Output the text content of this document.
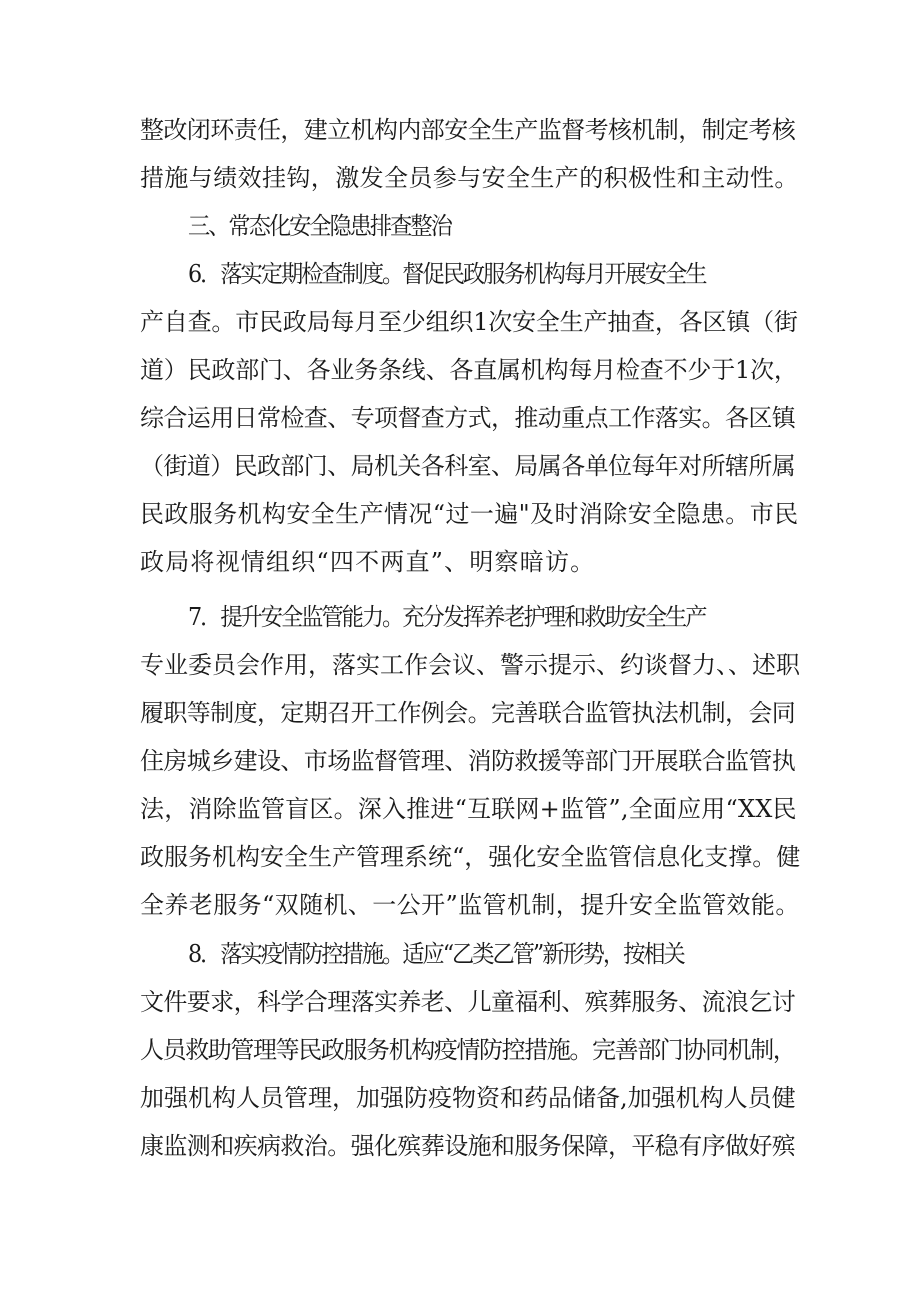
整改闭环责任，建立机构内部安全生产监督考核机制，制定考核
措施与绩效挂钩，激发全员参与安全生产的积极性和主动性。
三、常态化安全隐患排查整治
6．落实定期检查制度。督促民政服务机构每月开展安全生
产自查。市民政局每月至少组织1次安全生产抽查，各区镇（街
道）民政部门、各业务条线、各直属机构每月检查不少于1次，
综合运用日常检查、专项督查方式，推动重点工作落实。各区镇
（街道）民政部门、局机关各科室、局属各单位每年对所辖所属
民政服务机构安全生产情况“过一遍"及时消除安全隐患。市民
政局将视情组织“四不两直”、明察暗访。
7．提升安全监管能力。充分发挥养老护理和救助安全生产
专业委员会作用，落实工作会议、警示提示、约谈督力、、述职
履职等制度，定期召开工作例会。完善联合监管执法机制，会同
住房城乡建设、市场监督管理、消防救援等部门开展联合监管执
法，消除监管盲区。深入推进“互联网+监管”,全面应用“XX民
政服务机构安全生产管理系统“，强化安全监管信息化支撑。健
全养老服务“双随机、一公开”监管机制，提升安全监管效能。
8．落实疫情防控措施。适应“乙类乙管”新形势，按相关
文件要求，科学合理落实养老、儿童福利、殡葬服务、流浪乞讨
人员救助管理等民政服务机构疫情防控措施。完善部门协同机制，
加强机构人员管理，加强防疫物资和药品储备,加强机构人员健
康监测和疾病救治。强化殡葬设施和服务保障，平稳有序做好殡
